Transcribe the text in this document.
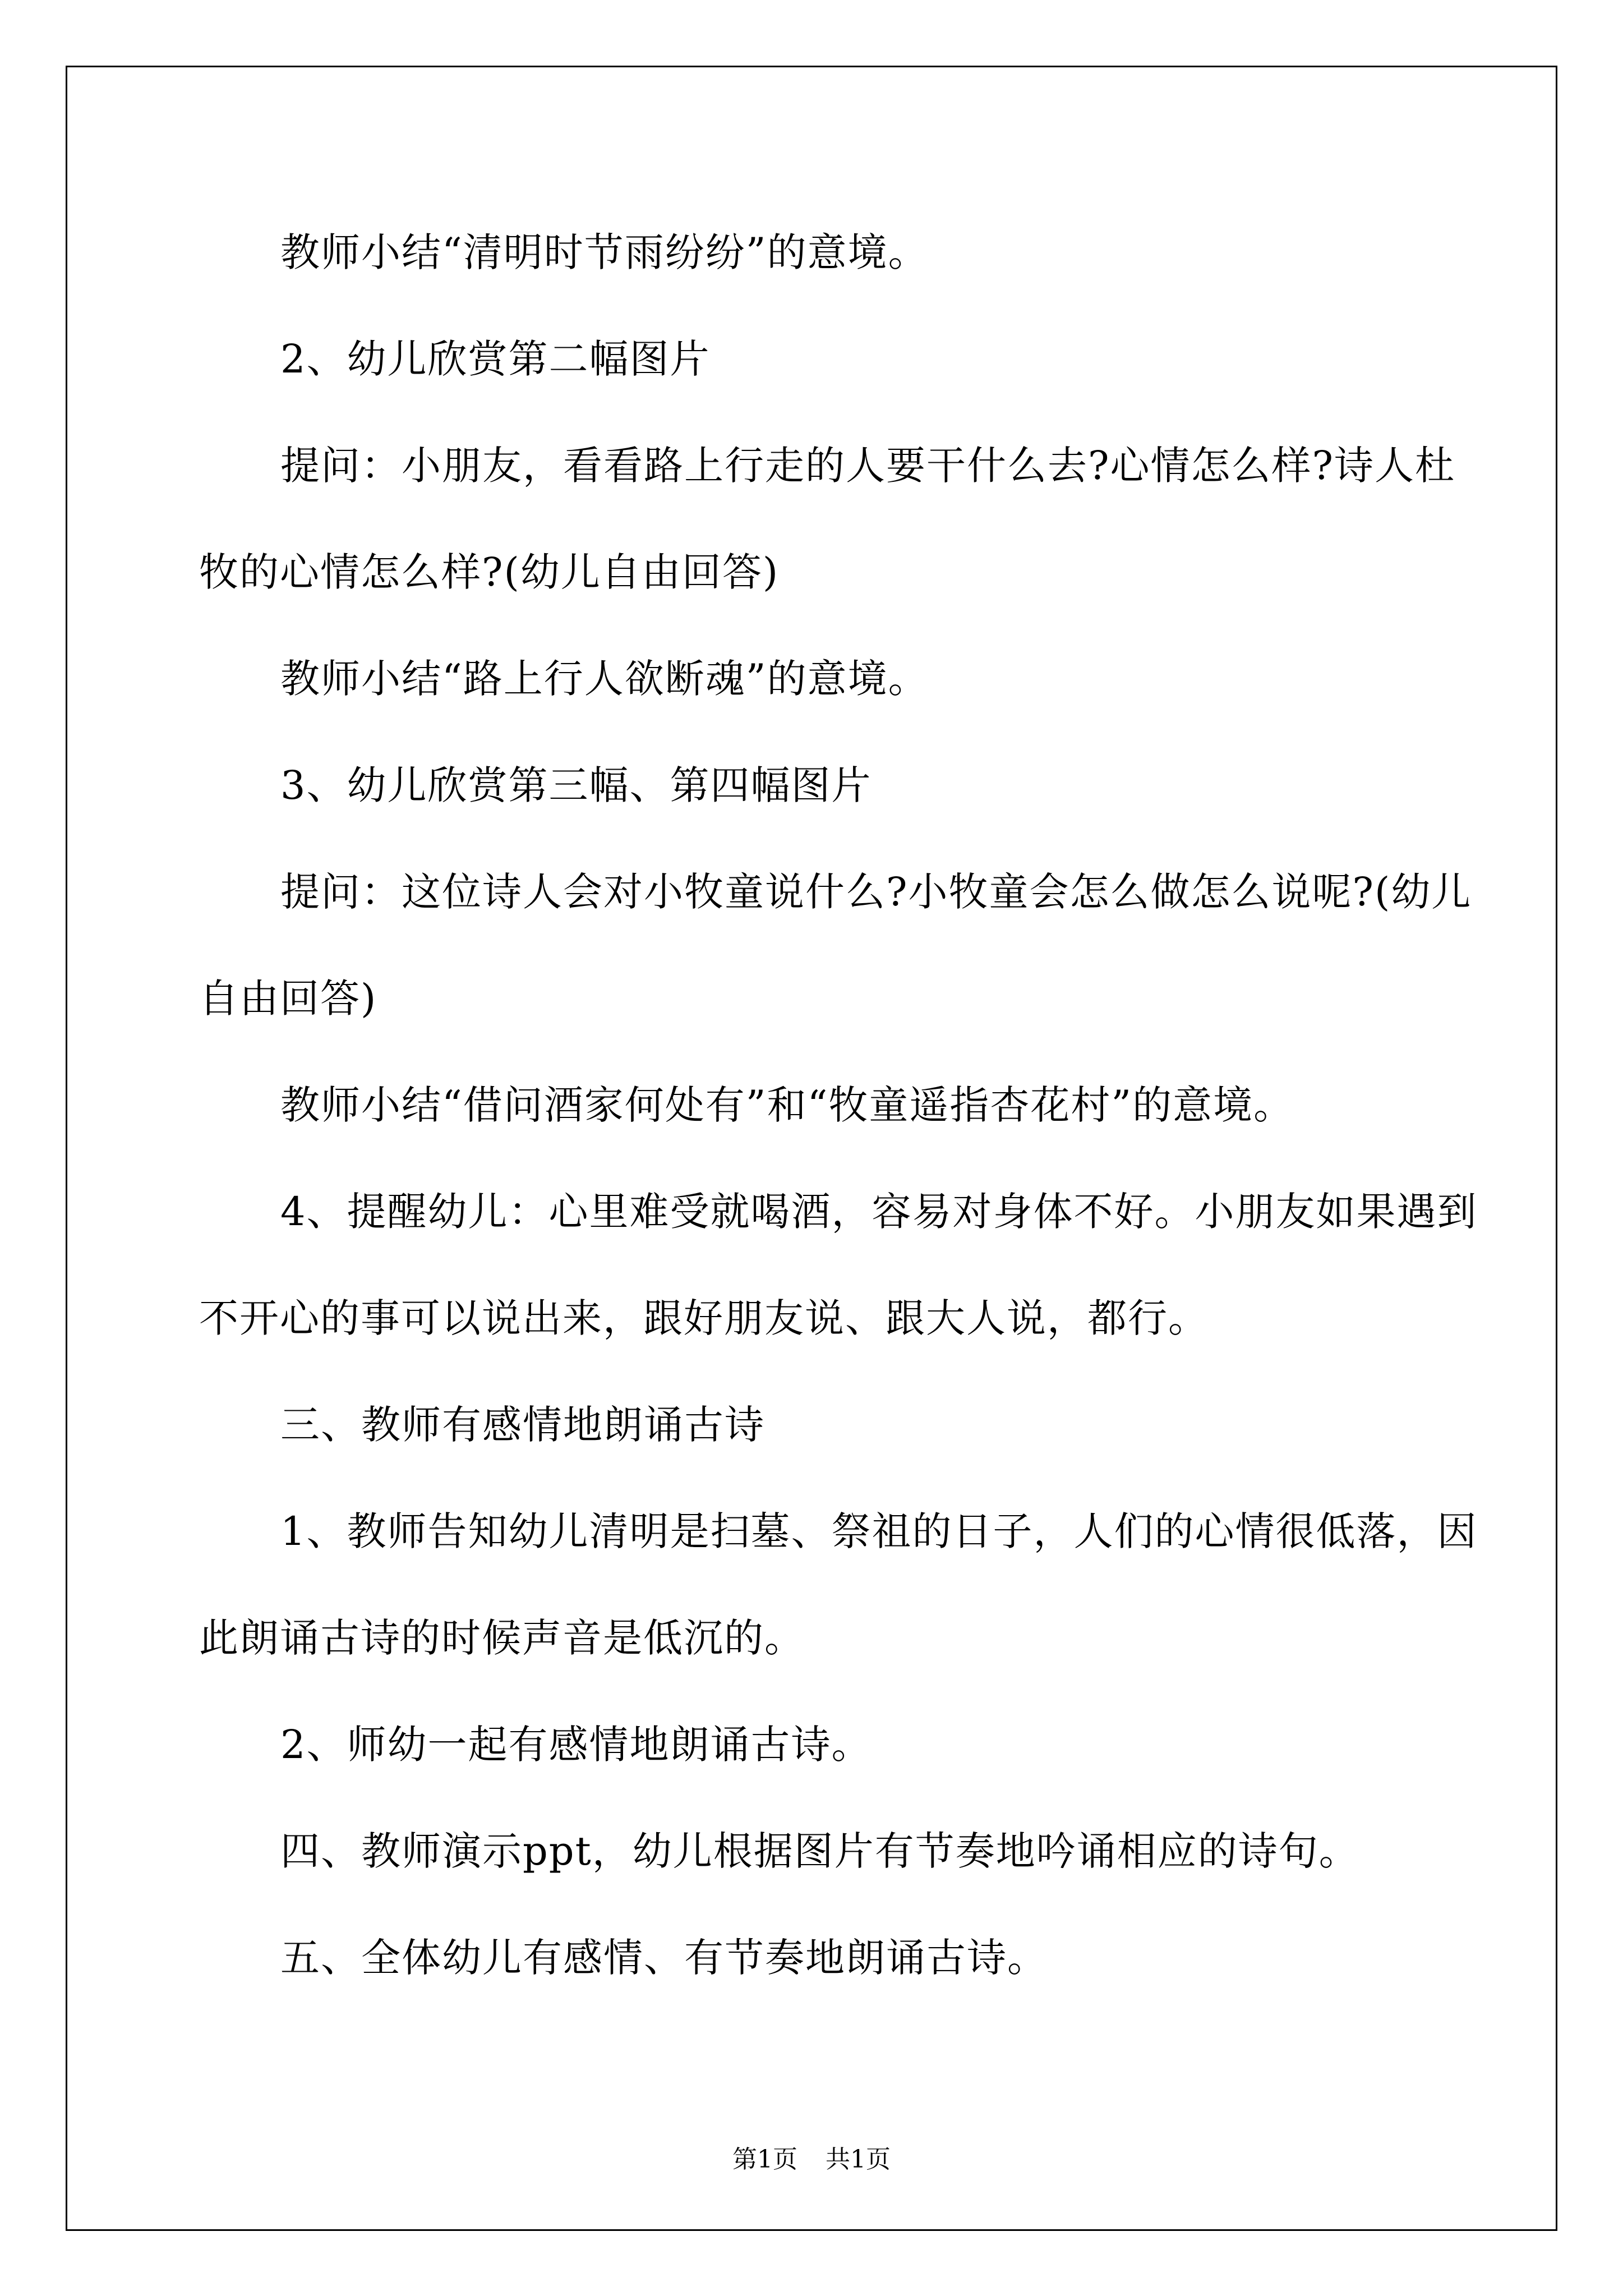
教师小结“清明时节雨纷纷”的意境。

2、幼儿欣赏第二幅图片

提问：小朋友，看看路上行走的人要干什么去?心情怎么样?诗人杜牧的心情怎么样?(幼儿自由回答)

教师小结“路上行人欲断魂”的意境。

3、幼儿欣赏第三幅、第四幅图片

提问：这位诗人会对小牧童说什么?小牧童会怎么做怎么说呢?(幼儿自由回答)

教师小结“借问酒家何处有”和“牧童遥指杏花村”的意境。

4、提醒幼儿：心里难受就喝酒，容易对身体不好。小朋友如果遇到不开心的事可以说出来，跟好朋友说、跟大人说，都行。

三、教师有感情地朗诵古诗

1、教师告知幼儿清明是扫墓、祭祖的日子，人们的心情很低落，因此朗诵古诗的时候声音是低沉的。

2、师幼一起有感情地朗诵古诗。

四、教师演示ppt，幼儿根据图片有节奏地吟诵相应的诗句。

五、全体幼儿有感情、有节奏地朗诵古诗。

第1页 共1页
